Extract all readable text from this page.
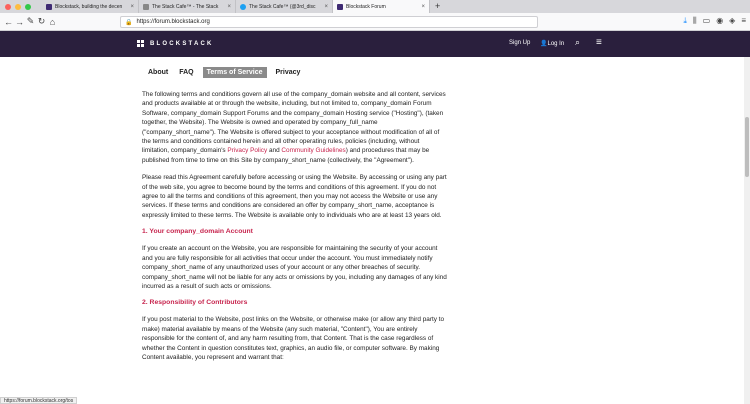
Blockstack, building the decen ×	The Stack Cafe™ - The Stack ×	The Stack Cafe™ (@3rd_disc ×	Blockstack Forum	×	+
← → ✎ ↻ ⌂	🔒 https://forum.blockstack.org	⤓ ⫼ ▭ ◉ ◈ ≡
BLOCKSTACK	Sign Up 👤Log In ⌕ ≡
About FAQ	Terms of Service	Privacy

The following terms and conditions govern all use of the company_domain website and all content, services and products available at or through the website, including, but not limited to, company_domain Forum Software, company_domain Support Forums and the company_domain Hosting service ("Hosting"), (taken together, the Website). The Website is owned and operated by company_full_name ("company_short_name"). The Website is offered subject to your acceptance without modification of all of the terms and conditions contained herein and all other operating rules, policies (including, without limitation, company_domain's Privacy Policy and Community Guidelines) and procedures that may be published from time to time on this Site by company_short_name (collectively, the "Agreement").

Please read this Agreement carefully before accessing or using the Website. By accessing or using any part of the web site, you agree to become bound by the terms and conditions of this agreement. If you do not agree to all the terms and conditions of this agreement, then you may not access the Website or use any services. If these terms and conditions are considered an offer by company_short_name, acceptance is expressly limited to these terms. The Website is available only to individuals who are at least 13 years old.

1. Your company_domain Account

If you create an account on the Website, you are responsible for maintaining the security of your account and you are fully responsible for all activities that occur under the account. You must immediately notify company_short_name of any unauthorized uses of your account or any other breaches of security. company_short_name will not be liable for any acts or omissions by you, including any damages of any kind incurred as a result of such acts or omissions.

2. Responsibility of Contributors

If you post material to the Website, post links on the Website, or otherwise make (or allow any third party to make) material available by means of the Website (any such material, "Content"), You are entirely responsible for the content of, and any harm resulting from, that Content. That is the case regardless of whether the Content in question constitutes text, graphics, an audio file, or computer software. By making Content available, you represent and warrant that:

https://forum.blockstack.org/tos
